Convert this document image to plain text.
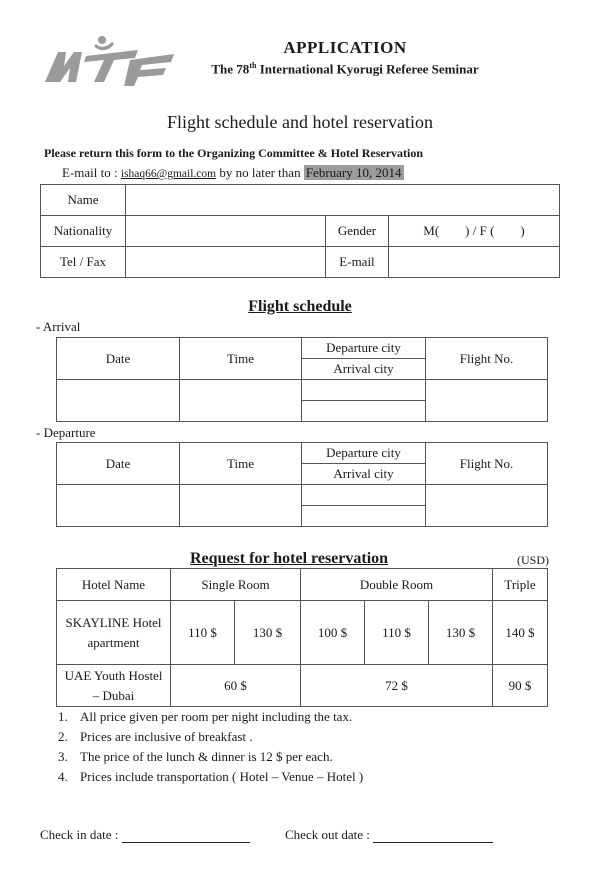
APPLICATION
The 78th International Kyorugi Referee Seminar
Flight schedule and hotel reservation
Please return this form to the Organizing Committee & Hotel Reservation
E-mail to : ishaq66@gmail.com by no later than February 10, 2014
Name			
Nationality		Gender	M(        ) / F (        )
Tel / Fax		E-mail	
Flight schedule
- Arrival
Date	Time	Departure city	Flight No.
		Arrival city	

- Departure
Date	Time	Departure city	Flight No.
		Arrival city	

Request for hotel reservation	(USD)
Hotel Name	Single Room		Double Room			Triple
SKAYLINE Hotel apartment	110 $	130 $	100 $	110 $	130 $	140 $
UAE Youth Hostel – Dubai	60 $		72 $			90 $
1. All price given per room per night including the tax.
2. Prices are inclusive of breakfast .
3. The price of the lunch & dinner is 12 $ per each.
4. Prices include transportation ( Hotel – Venue – Hotel )
Check in date :	Check out date :
